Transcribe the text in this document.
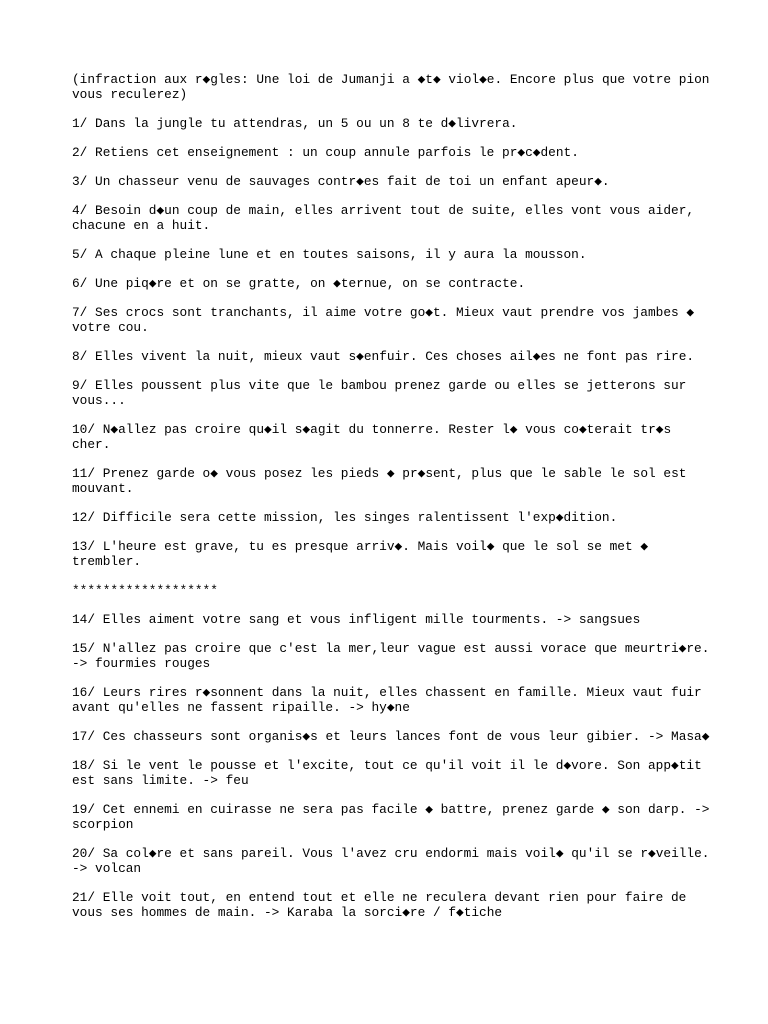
(infraction aux r◆gles: Une loi de Jumanji a ◆t◆ viol◆e. Encore plus que votre pion
vous reculerez)

1/ Dans la jungle tu attendras, un 5 ou un 8 te d◆livrera.

2/ Retiens cet enseignement : un coup annule parfois le pr◆c◆dent.

3/ Un chasseur venu de sauvages contr◆es fait de toi un enfant apeur◆.

4/ Besoin d◆un coup de main, elles arrivent tout de suite, elles vont vous aider,
chacune en a huit.

5/ A chaque pleine lune et en toutes saisons, il y aura la mousson.

6/ Une piq◆re et on se gratte, on ◆ternue, on se contracte.

7/ Ses crocs sont tranchants, il aime votre go◆t. Mieux vaut prendre vos jambes ◆
votre cou.

8/ Elles vivent la nuit, mieux vaut s◆enfuir. Ces choses ail◆es ne font pas rire.

9/ Elles poussent plus vite que le bambou prenez garde ou elles se jetterons sur
vous...

10/ N◆allez pas croire qu◆il s◆agit du tonnerre. Rester l◆ vous co◆terait tr◆s
cher.

11/ Prenez garde o◆ vous posez les pieds ◆ pr◆sent, plus que le sable le sol est
mouvant.

12/ Difficile sera cette mission, les singes ralentissent l'exp◆dition.

13/ L'heure est grave, tu es presque arriv◆. Mais voil◆ que le sol se met ◆
trembler.

*******************

14/ Elles aiment votre sang et vous infligent mille tourments. -> sangsues

15/ N'allez pas croire que c'est la mer,leur vague est aussi vorace que meurtri◆re.
-> fourmies rouges

16/ Leurs rires r◆sonnent dans la nuit, elles chassent en famille. Mieux vaut fuir
avant qu'elles ne fassent ripaille. -> hy◆ne

17/ Ces chasseurs sont organis◆s et leurs lances font de vous leur gibier. -> Masa◆

18/ Si le vent le pousse et l'excite, tout ce qu'il voit il le d◆vore. Son app◆tit
est sans limite. -> feu

19/ Cet ennemi en cuirasse ne sera pas facile ◆ battre, prenez garde ◆ son darp. ->
scorpion

20/ Sa col◆re et sans pareil. Vous l'avez cru endormi mais voil◆ qu'il se r◆veille.
-> volcan

21/ Elle voit tout, en entend tout et elle ne reculera devant rien pour faire de
vous ses hommes de main. -> Karaba la sorci◆re / f◆tiche
